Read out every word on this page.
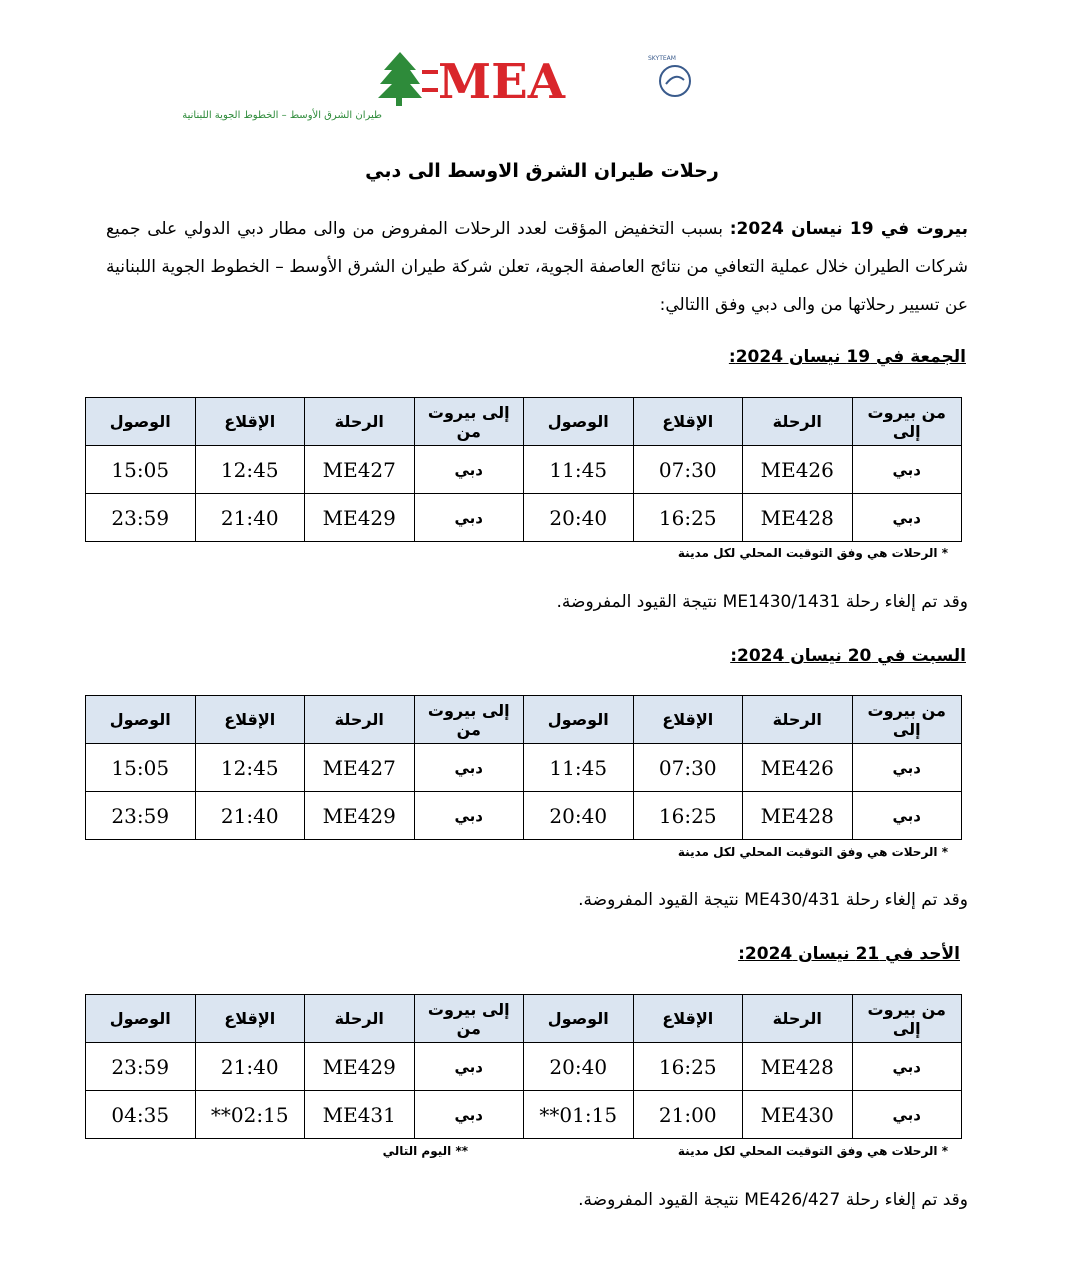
MEA	SKYTEAM
طيران الشرق الأوسط – الخطوط الجوية اللبنانية
رحلات طيران الشرق الاوسط الى دبي
بيروت في 19 نيسان 2024: بسبب التخفيض المؤقت لعدد الرحلات المفروض من والى مطار دبي الدولي على جميع شركات الطيران خلال عملية التعافي من نتائج العاصفة الجوية، تعلن شركة طيران الشرق الأوسط – الخطوط الجوية اللبنانية عن تسيير رحلاتها من والى دبي وفق االتالي:
الجمعة في 19 نيسان 2024:
من بيروت إلى	الرحلة	الإقلاع	الوصول	إلى بيروت من	الرحلة	الإقلاع	الوصول
دبي	ME426	07:30	11:45	دبي	ME427	12:45	15:05
دبي	ME428	16:25	20:40	دبي	ME429	21:40	23:59
* الرحلات هي وفق التوقيت المحلي لكل مدينة
وقد تم إلغاء رحلة ME1430/1431 نتيجة القيود المفروضة.
السبت في 20 نيسان 2024:
من بيروت إلى	الرحلة	الإقلاع	الوصول	إلى بيروت من	الرحلة	الإقلاع	الوصول
دبي	ME426	07:30	11:45	دبي	ME427	12:45	15:05
دبي	ME428	16:25	20:40	دبي	ME429	21:40	23:59
* الرحلات هي وفق التوقيت المحلي لكل مدينة
وقد تم إلغاء رحلة ME430/431 نتيجة القيود المفروضة.
الأحد في 21 نيسان 2024:
من بيروت إلى	الرحلة	الإقلاع	الوصول	إلى بيروت من	الرحلة	الإقلاع	الوصول
دبي	ME428	16:25	20:40	دبي	ME429	21:40	23:59
دبي	ME430	21:00	01:15**	دبي	ME431	02:15**	04:35
* الرحلات هي وفق التوقيت المحلي لكل مدينة
** اليوم التالي
وقد تم إلغاء رحلة ME426/427 نتيجة القيود المفروضة.
